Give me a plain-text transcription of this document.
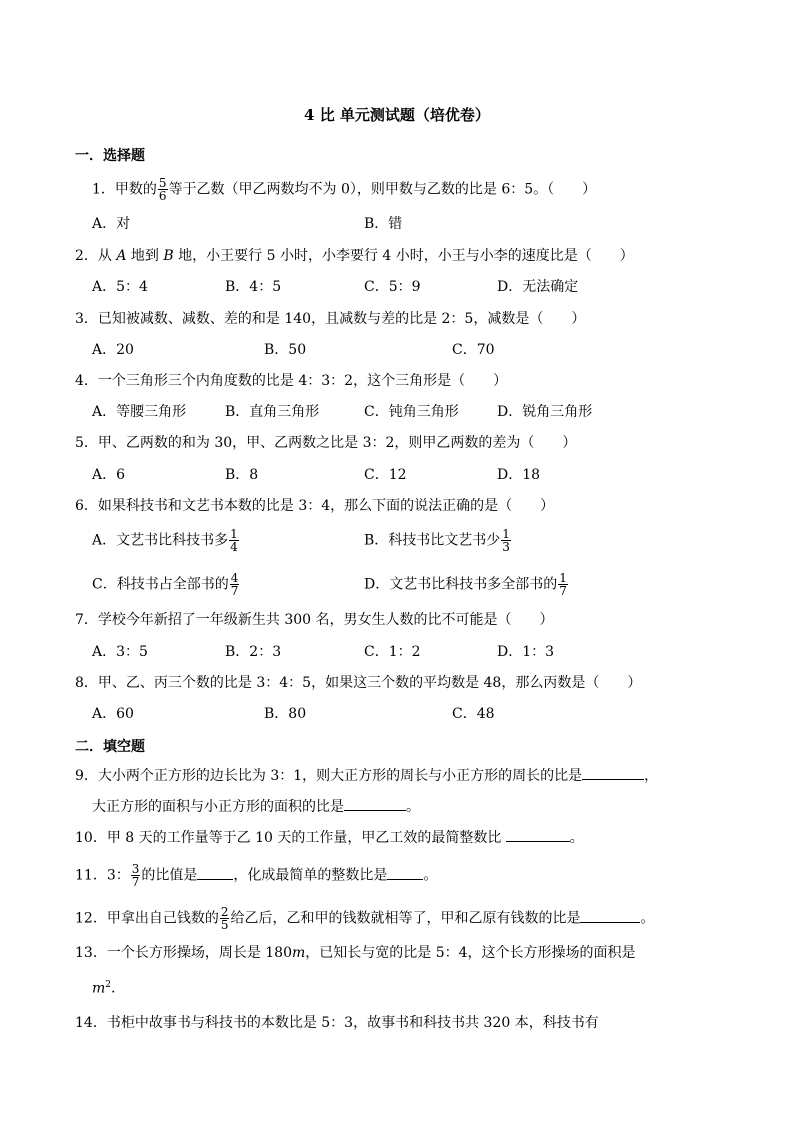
4 比 单元测试题（培优卷）
一．选择题
1．甲数的 $\frac{5}{6}$ 等于乙数（甲乙两数均不为 0），则甲数与乙数的比是 6：5。（　　）
A．对	B．错
2．从 A 地到 B 地，小王要行 5 小时，小李要行 4 小时，小王与小李的速度比是（　　）
A．5：4	B．4：5	C．5：9	D．无法确定
3．已知被减数、减数、差的和是 140，且减数与差的比是 2：5，减数是（　　）
A．20	B．50	C．70
4．一个三角形三个内角度数的比是 4：3：2，这个三角形是（　　）
A．等腰三角形	B．直角三角形	C．钝角三角形	D．锐角三角形
5．甲、乙两数的和为 30，甲、乙两数之比是 3：2，则甲乙两数的差为（　　）
A．6	B．8	C．12	D．18
6．如果科技书和文艺书本数的比是 3：4，那么下面的说法正确的是（　　）
A．文艺书比科技书多 $\frac{1}{4}$	B．科技书比文艺书少 $\frac{1}{3}$
C．科技书占全部书的 $\frac{4}{7}$	D．文艺书比科技书多全部书的 $\frac{1}{7}$
7．学校今年新招了一年级新生共 300 名，男女生人数的比不可能是（　　）
A．3：5	B．2：3	C．1：2	D．1：3
8．甲、乙、丙三个数的比是 3：4：5，如果这三个数的平均数是 48，那么丙数是（　　）
A．60	B．80	C．48
二．填空题
9．大小两个正方形的边长比为 3：1，则大正方形的周长与小正方形的周长的比是	，
大正方形的面积与小正方形的面积的比是	。
10．甲 8 天的工作量等于乙 10 天的工作量，甲乙工效的最简整数比	。
11．3： $\frac{3}{7}$ 的比值是	，化成最简单的整数比是	。
12．甲拿出自己钱数的 $\frac{2}{5}$ 给乙后，乙和甲的钱数就相等了，甲和乙原有钱数的比是	。
13．一个长方形操场，周长是 180m，已知长与宽的比是 5：4，这个长方形操场的面积是
$m^2$.
14．书柜中故事书与科技书的本数比是 5：3，故事书和科技书共 320 本，科技书有
